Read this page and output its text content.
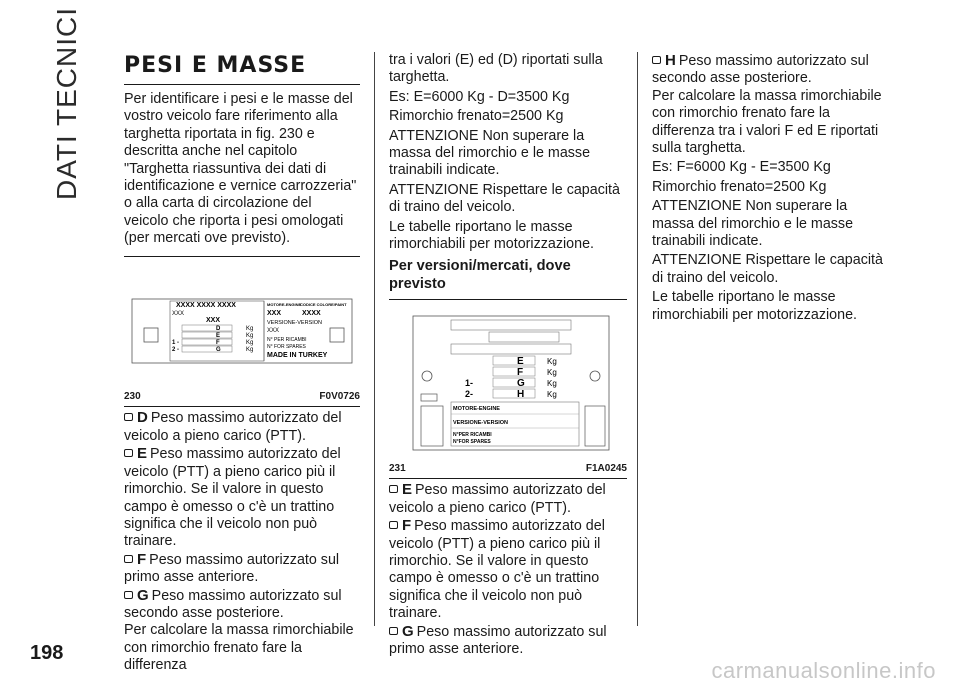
DATI TECNICI
198
carmanualsonline.info
PESI E MASSE

Per identificare i pesi e le masse del vostro veicolo fare riferimento alla targhetta riportata in fig. 230 e descritta anche nel capitolo "Targhetta riassuntiva dei dati di identificazione e vernice carrozzeria" o alla carta di circolazione del veicolo che riporta i pesi omologati (per mercati ove previsto).

XXXX XXXX XXXX
XXX
XXX
D	Kg
E	Kg
1 -	F	Kg
2 -	G	Kg
MOTORE-ENGINE
CODICE COLORE/PAINT
XXX	XXXX
VERSIONE-VERSION
XXX
N° PER RICAMBI
N° FOR SPARES
MADE IN TURKEY
230	F0V0726

D Peso massimo autorizzato del veicolo a pieno carico (PTT).

E Peso massimo autorizzato del veicolo (PTT) a pieno carico più il rimorchio. Se il valore in questo campo è omesso o c'è un trattino significa che il veicolo non può trainare.

F Peso massimo autorizzato sul primo asse anteriore.

G Peso massimo autorizzato sul secondo asse posteriore.

Per calcolare la massa rimorchiabile con rimorchio frenato fare la differenza

tra i valori (E) ed (D) riportati sulla targhetta.

Es: E=6000 Kg - D=3500 Kg

Rimorchio frenato=2500 Kg

ATTENZIONE Non superare la massa del rimorchio e le masse trainabili indicate.

ATTENZIONE Rispettare le capacità di traino del veicolo.

Le tabelle riportano le masse rimorchiabili per motorizzazione.

Per versioni/mercati, dove previsto
E	Kg
F	Kg
1-	G	Kg
2-	H	Kg
MOTORE-ENGINE
VERSIONE-VERSION
N°PER RICAMBI
N°FOR SPARES
231	F1A0245

E Peso massimo autorizzato del veicolo a pieno carico (PTT).

F Peso massimo autorizzato del veicolo (PTT) a pieno carico più il rimorchio. Se il valore in questo campo è omesso o c'è un trattino significa che il veicolo non può trainare.

G Peso massimo autorizzato sul primo asse anteriore.

H Peso massimo autorizzato sul secondo asse posteriore.

Per calcolare la massa rimorchiabile con rimorchio frenato fare la differenza tra i valori F ed E riportati sulla targhetta.

Es: F=6000 Kg - E=3500 Kg

Rimorchio frenato=2500 Kg

ATTENZIONE Non superare la massa del rimorchio e le masse trainabili indicate.

ATTENZIONE Rispettare le capacità di traino del veicolo.

Le tabelle riportano le masse rimorchiabili per motorizzazione.
